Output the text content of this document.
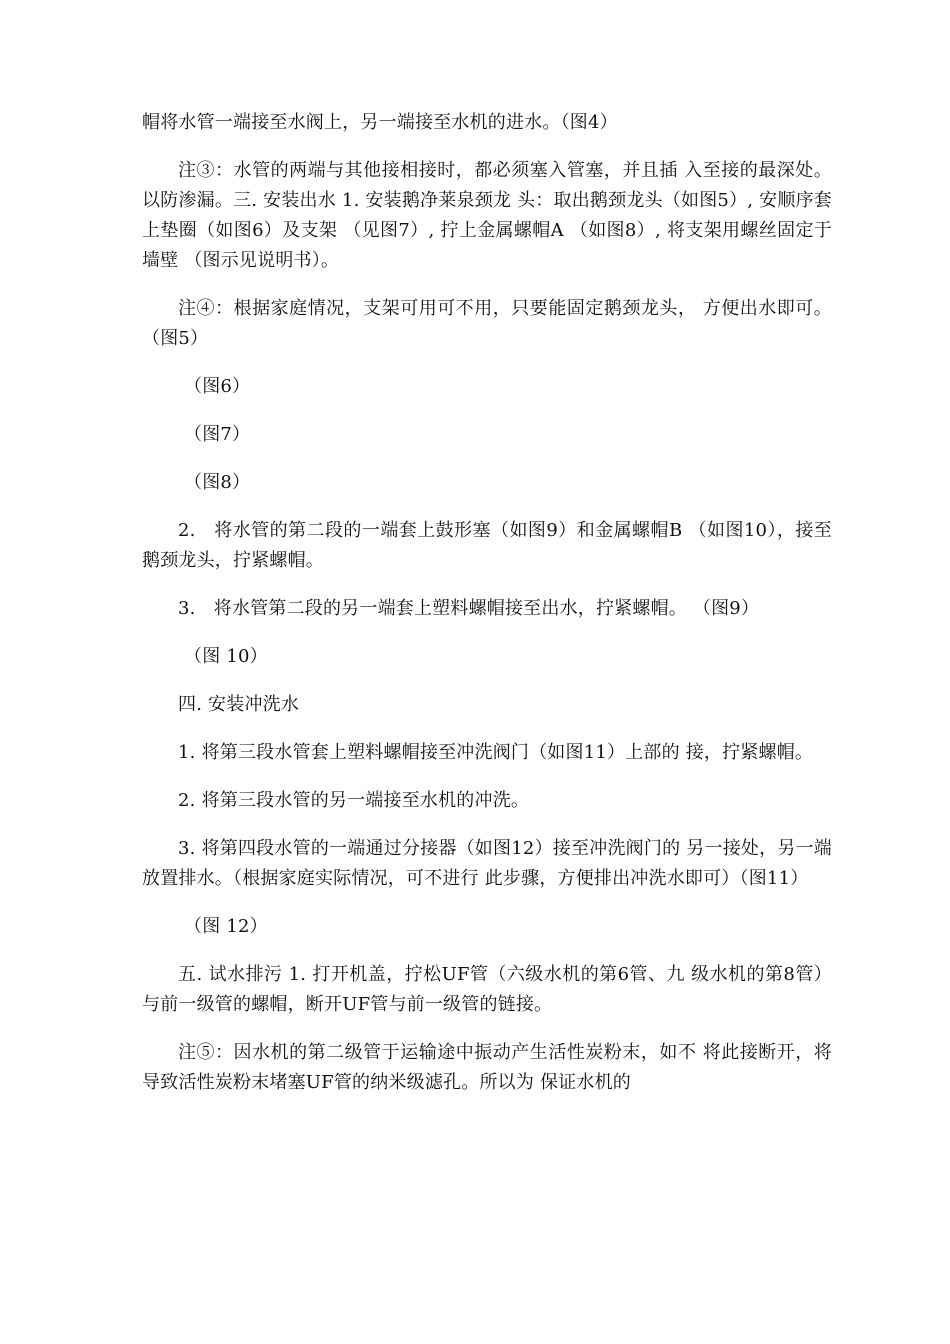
帽将水管一端接至水阀上，另一端接至水机的进水。（图4）

注③：水管的两端与其他接相接时，都必须塞入管塞，并且插 入至接的最深处。以防渗漏。三. 安装出水 1. 安装鹅净莱泉颈龙 头：取出鹅颈龙头（如图5）, 安顺序套上垫圈（如图6）及支架 （见图7）, 拧上金属螺帽A （如图8）, 将支架用螺丝固定于墙壁 （图示见说明书）。

注④：根据家庭情况，支架可用可不用，只要能固定鹅颈龙头， 方便出水即可。（图5）

（图6）

（图7）

（图8）

2.　将水管的第二段的一端套上鼓形塞（如图9）和金属螺帽B （如图10），接至鹅颈龙头，拧紧螺帽。

3.　将水管第二段的另一端套上塑料螺帽接至出水，拧紧螺帽。 （图9）

（图 10）

四. 安装冲洗水

1. 将第三段水管套上塑料螺帽接至冲洗阀门（如图11）上部的 接，拧紧螺帽。

2. 将第三段水管的另一端接至水机的冲洗。

3. 将第四段水管的一端通过分接器（如图12）接至冲洗阀门的 另一接处，另一端放置排水。（根据家庭实际情况，可不进行 此步骤，方便排出冲洗水即可）（图11）

（图 12）

五. 试水排污 1. 打开机盖，拧松UF管（六级水机的第6管、九 级水机的第8管）与前一级管的螺帽，断开UF管与前一级管的链接。

注⑤：因水机的第二级管于运输途中振动产生活性炭粉末，如不 将此接断开，将导致活性炭粉末堵塞UF管的纳米级滤孔。所以为 保证水机的
